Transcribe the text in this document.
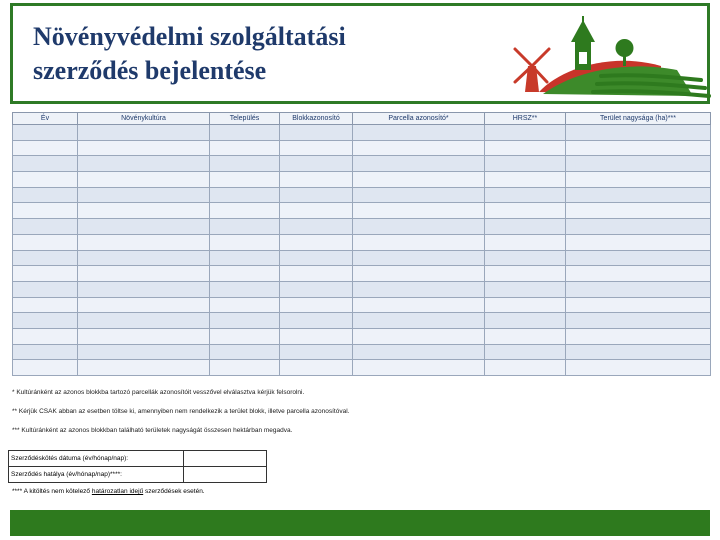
Növényvédelmi szolgáltatási
szerződés bejelentése
Év	Növénykultúra	Település	Blokkazonosító	Parcella azonosító*	HRSZ**	Terület nagysága (ha)***

* Kultúránként az azonos blokkba tartozó parcellák azonosítóit vesszővel elválasztva kérjük felsorolni.

** Kérjük CSAK abban az esetben töltse ki, amennyiben nem rendelkezik a terület blokk, illetve parcella azonosítóval.

*** Kultúránként az azonos blokkban található területek nagyságát összesen hektárban megadva.

Szerződéskötés dátuma (év/hónap/nap):	
Szerződés hatálya (év/hónap/nap)****:	

**** A kitöltés nem kötelező határozatlan idejű szerződések esetén.
